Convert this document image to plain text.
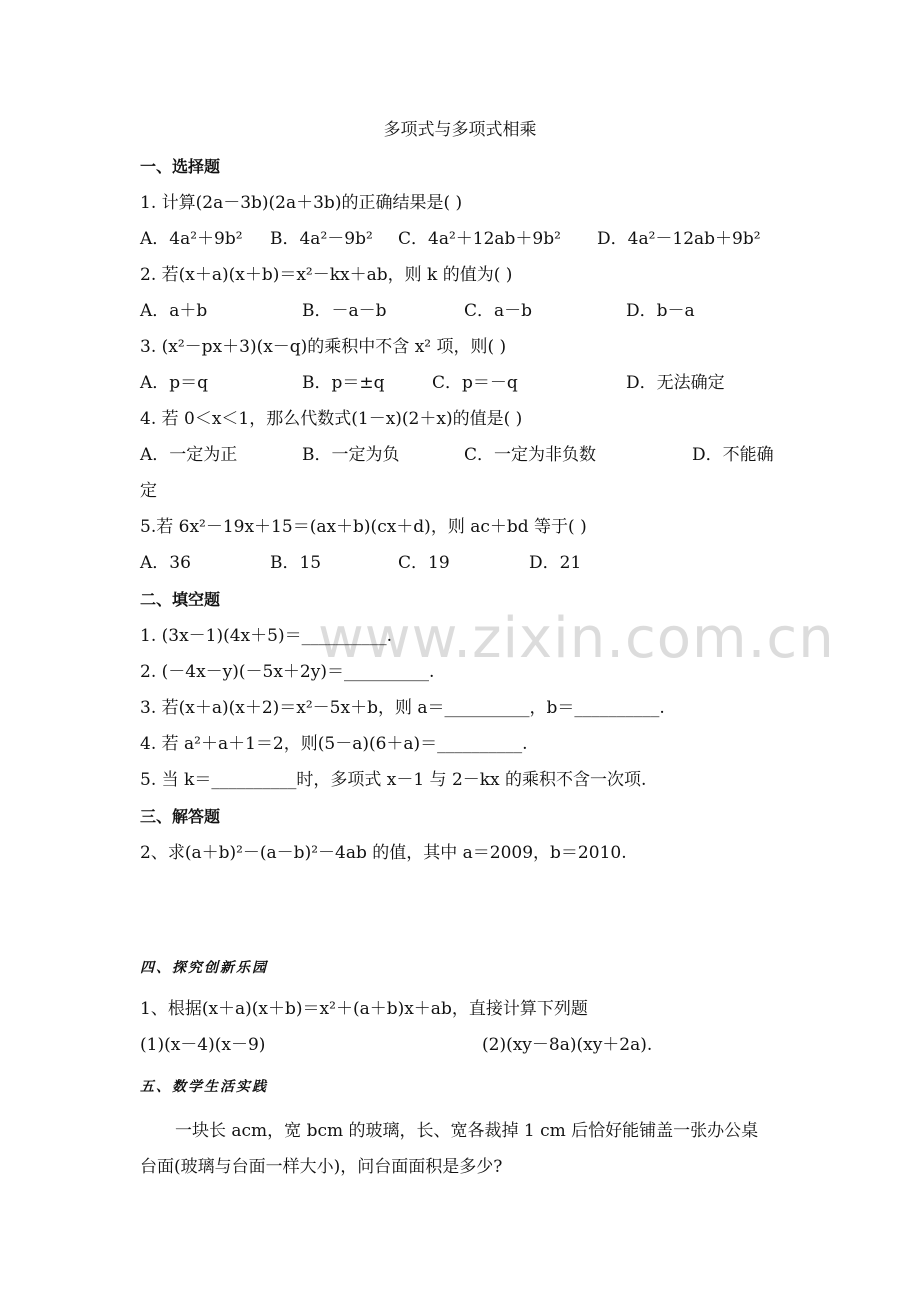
www.zixin.com.cn
多项式与多项式相乘
一、选择题
1. 计算(2a－3b)(2a＋3b)的正确结果是( )
A．4a²＋9b² B．4a²－9b² C．4a²＋12ab＋9b² D．4a²－12ab＋9b²
2. 若(x＋a)(x＋b)＝x²－kx＋ab，则 k 的值为( )
A．a＋b	B．－a－b	C．a－b	D．b－a
3. (x²－px＋3)(x－q)的乘积中不含 x² 项，则( )
A．p＝q	B．p＝±q	C．p＝－q	D．无法确定
4. 若 0＜x＜1，那么代数式(1－x)(2＋x)的值是( )
A．一定为正	B．一定为负	C．一定为非负数	D．不能确
定
5.若 6x²－19x＋15＝(ax＋b)(cx＋d)，则 ac＋bd 等于( )
A．36	B．15	C．19	D．21
二、填空题
1. (3x－1)(4x＋5)＝__________.
2. (－4x－y)(－5x＋2y)＝__________.
3. 若(x＋a)(x＋2)＝x²－5x＋b，则 a＝__________，b＝__________.
4. 若 a²＋a＋1＝2，则(5－a)(6＋a)＝__________.
5. 当 k＝__________时，多项式 x－1 与 2－kx 的乘积不含一次项.
三、解答题
2、求(a＋b)²－(a－b)²－4ab 的值，其中 a＝2009，b＝2010.
四、探究创新乐园
1、根据(x＋a)(x＋b)＝x²＋(a＋b)x＋ab，直接计算下列题
(1)(x－4)(x－9)	(2)(xy－8a)(xy＋2a).
五、数学生活实践
一块长 acm，宽 bcm 的玻璃，长、宽各裁掉 1 cm 后恰好能铺盖一张办公桌
台面(玻璃与台面一样大小)，问台面面积是多少?
